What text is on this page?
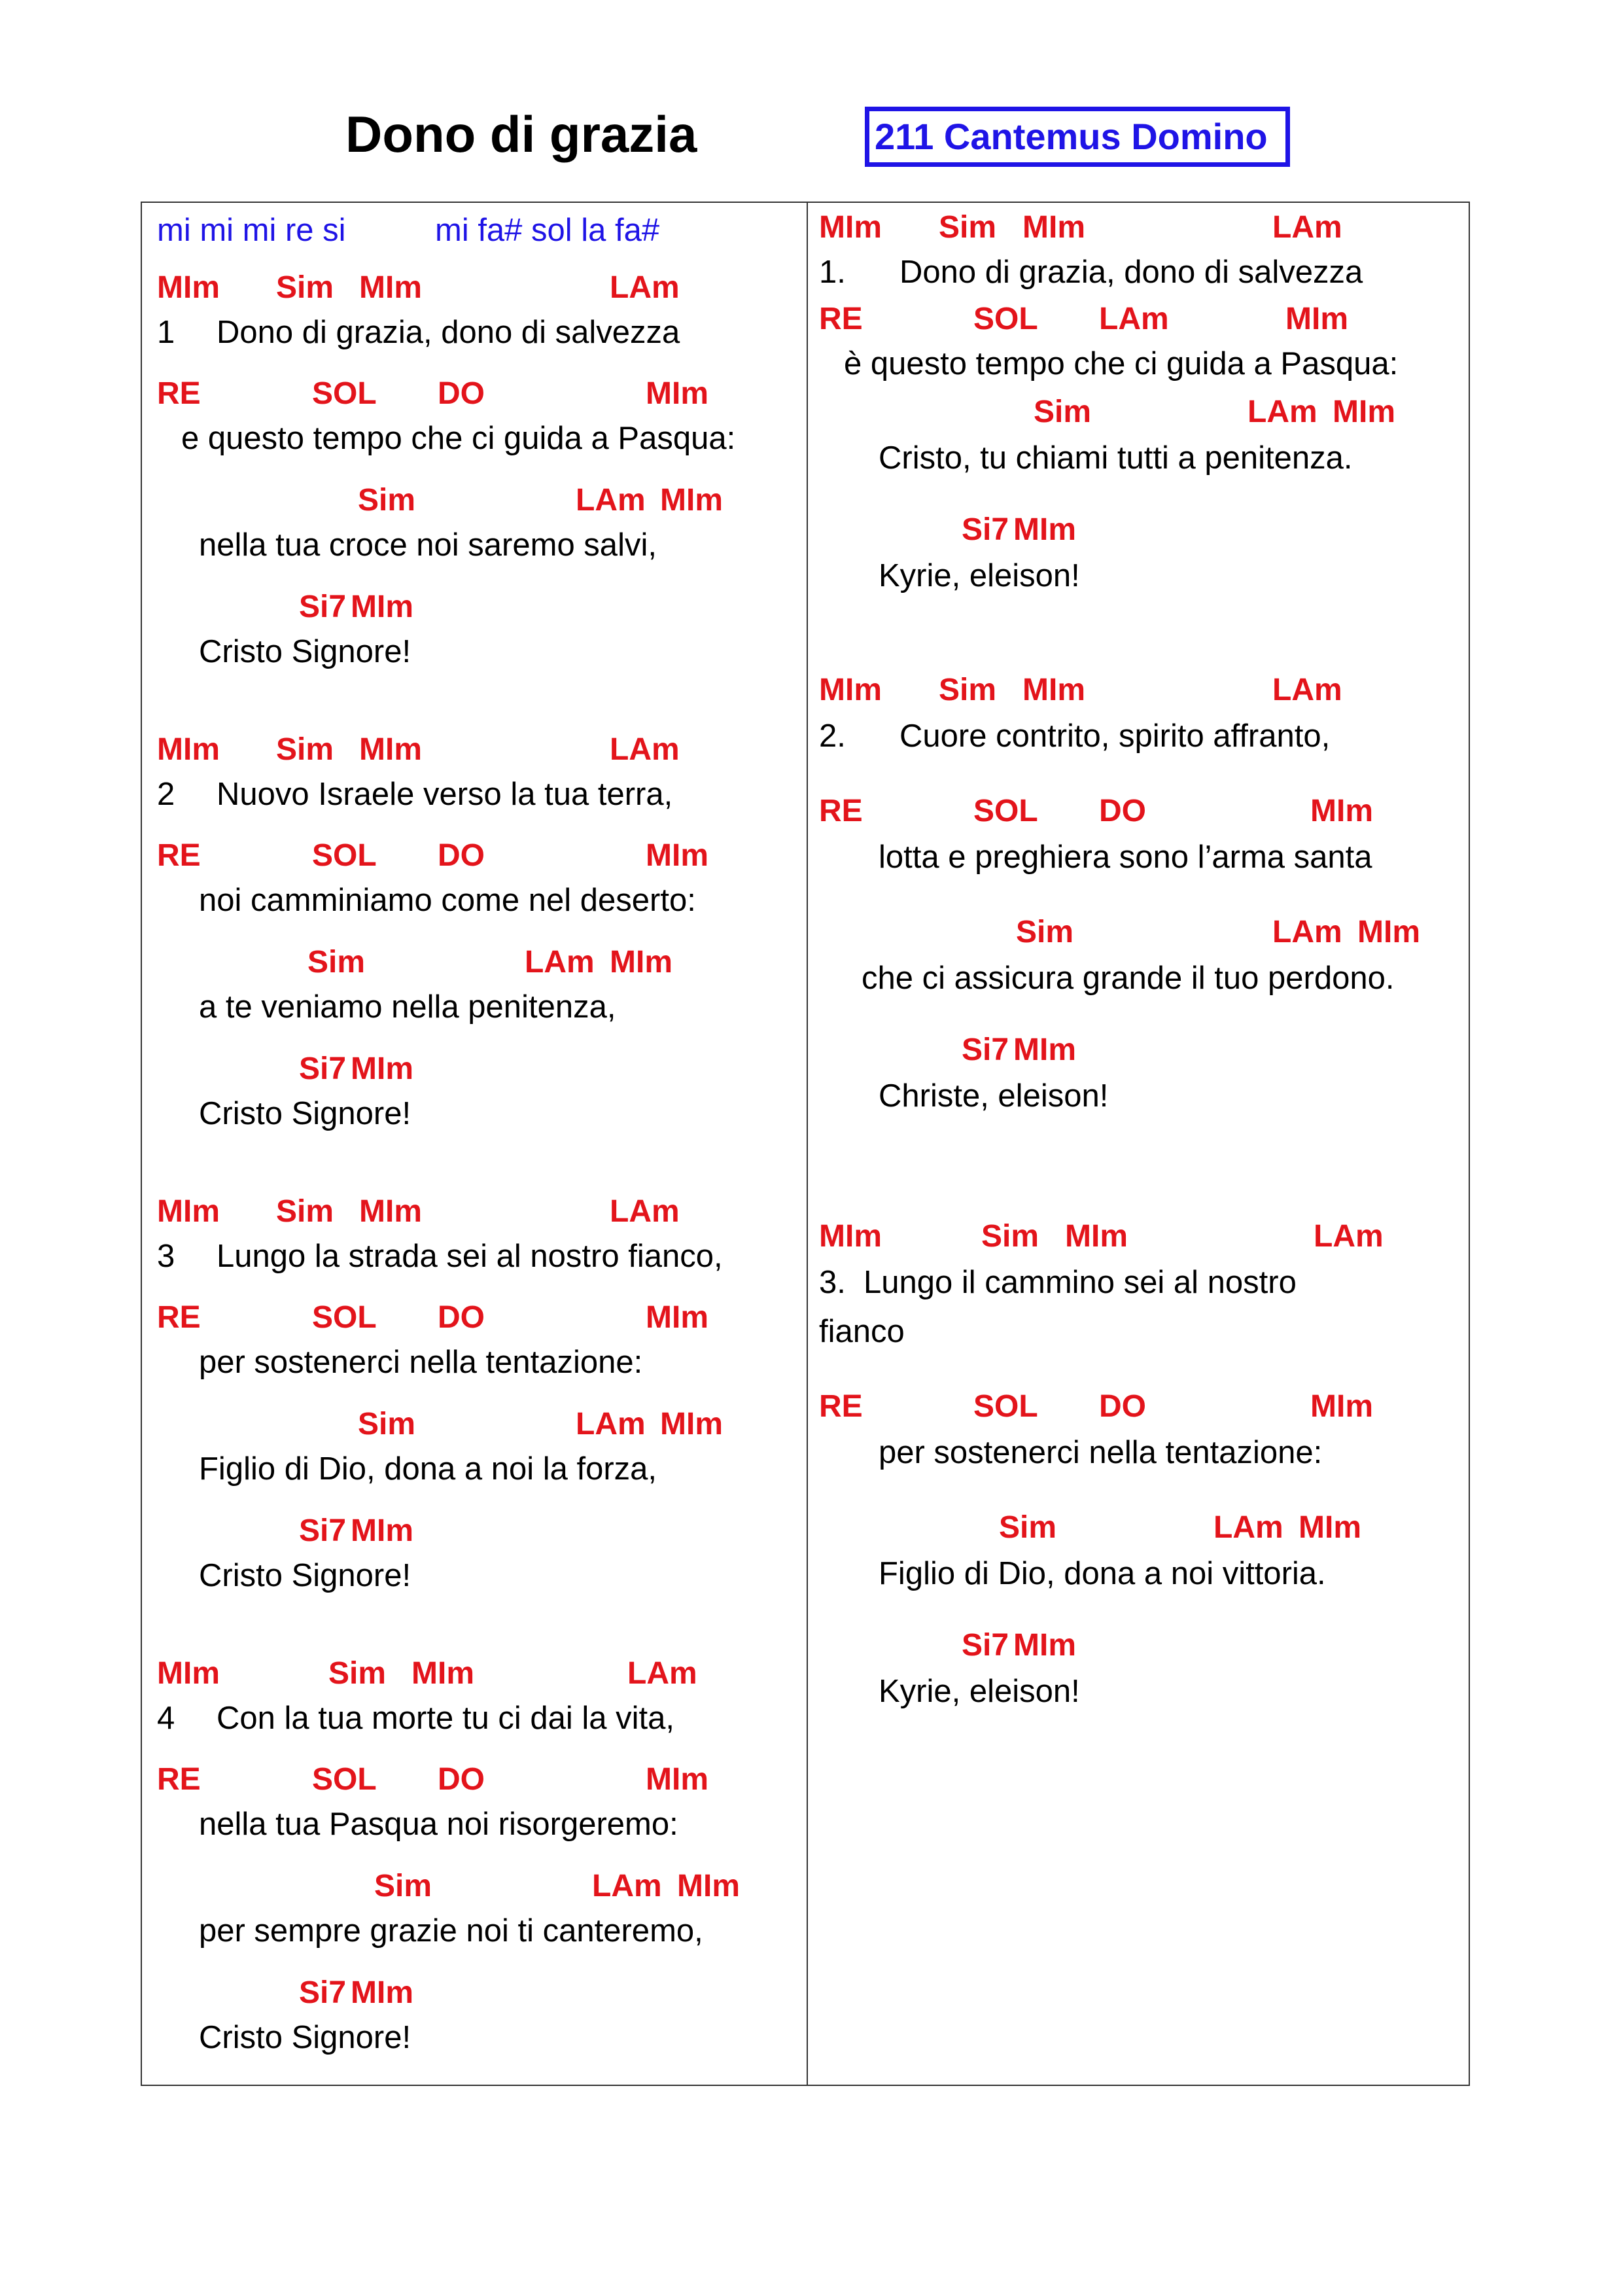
Dono di grazia	211 Cantemus Domino
mi mi mi re si	mi fa# sol la fa#
MIm Sim MIm	LAm
1 Dono di grazia, dono di salvezza
RE	SOL DO	MIm
e questo tempo che ci guida a Pasqua:
Sim	LAm MIm
nella tua croce noi saremo salvi,
Si7 MIm
Cristo Signore!
MIm Sim MIm	LAm
2 Nuovo Israele verso la tua terra,
RE	SOL DO	MIm
noi camminiamo come nel deserto:
Sim	LAm MIm
a te veniamo nella penitenza,
Si7 MIm
Cristo Signore!
MIm Sim MIm	LAm
3 Lungo la strada sei al nostro fianco,
RE	SOL DO	MIm
per sostenerci nella tentazione:
Sim	LAm MIm
Figlio di Dio, dona a noi la forza,
Si7 MIm
Cristo Signore!
MIm	Sim MIm	LAm
4 Con la tua morte tu ci dai la vita,
RE	SOL DO	MIm
nella tua Pasqua noi risorgeremo:
Sim	LAm MIm
per sempre grazie noi ti canteremo,
Si7 MIm
Cristo Signore!
MIm Sim MIm	LAm
1. Dono di grazia, dono di salvezza
RE	SOL LAm	MIm
è questo tempo che ci guida a Pasqua:
Sim	LAm MIm
Cristo, tu chiami tutti a penitenza.
Si7 MIm
Kyrie, eleison!
MIm Sim MIm	LAm
2. Cuore contrito, spirito affranto,
RE	SOL DO	MIm
lotta e preghiera sono l’arma santa
Sim	LAm MIm
che ci assicura grande il tuo perdono.
Si7 MIm
Christe, eleison!
MIm	Sim MIm	LAm
3. Lungo il cammino sei al nostro
fianco
RE	SOL DO	MIm
per sostenerci nella tentazione:
Sim	LAm MIm
Figlio di Dio, dona a noi vittoria.
Si7 MIm
Kyrie, eleison!
